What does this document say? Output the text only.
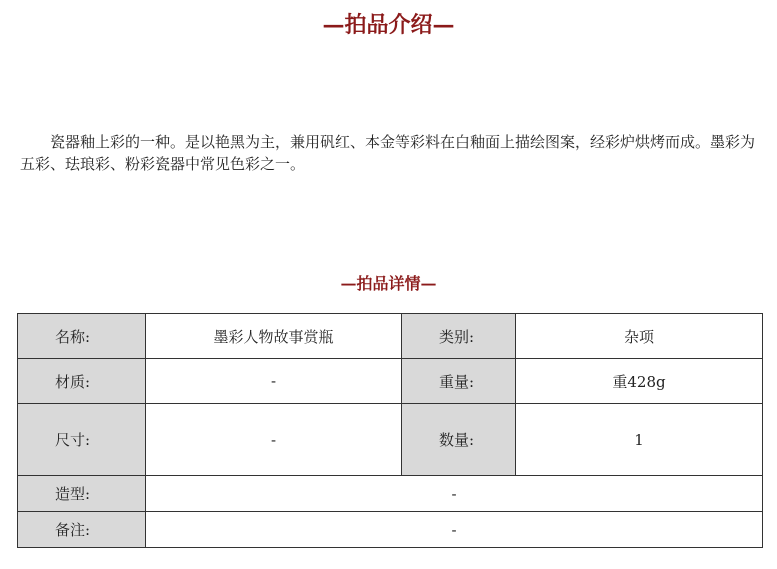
—拍品介绍—

瓷器釉上彩的一种。是以艳黑为主，兼用矾红、本金等彩料在白釉面上描绘图案，经彩炉烘烤而成。墨彩为五彩、珐琅彩、粉彩瓷器中常见色彩之一。

—拍品详情—
名称:	墨彩人物故事赏瓶	类别:	杂项
材质:	-	重量:	重428g
尺寸:	-	数量:	1
造型:	-		
备注:	-		
